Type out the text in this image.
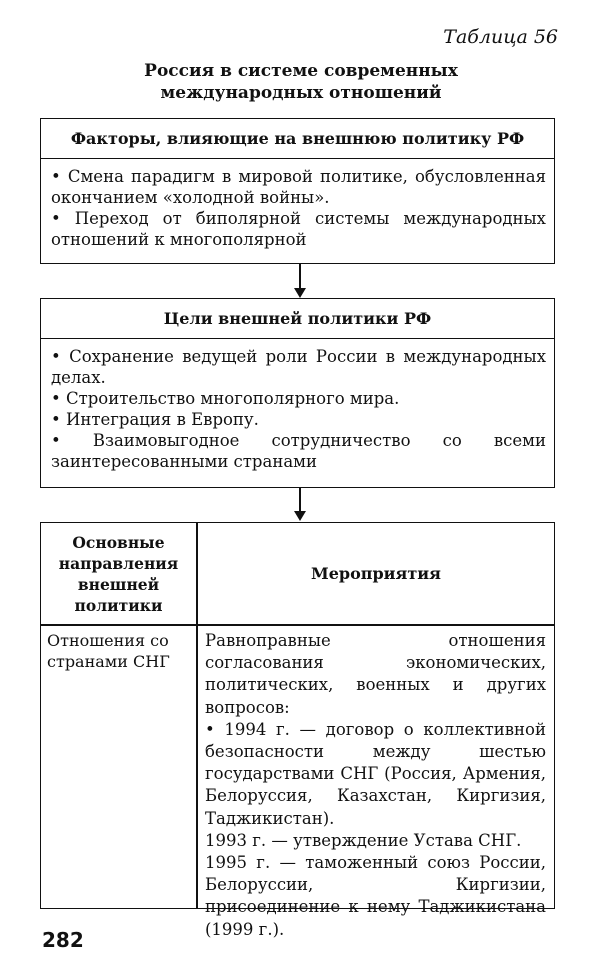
Таблица 56
Россия в системе современных
международных отношений
Факторы, влияющие на внешнюю политику РФ
• Смена парадигм в мировой политике, обусловленная окончанием «холодной войны».
• Переход от биполярной системы международных отношений к многополярной
Цели внешней политики РФ
• Сохранение ведущей роли России в международных делах.
• Строительство многополярного мира.
• Интеграция в Европу.
• Взаимовыгодное сотрудничество со всеми заинтересованными странами
Основные направления внешней политики
Мероприятия
Отношения со странами СНГ

Равноправные отношения согласования экономических, политических, военных и других вопросов:

• 1994 г. — договор о коллективной безопасности между шестью государствами СНГ (Россия, Армения, Белоруссия, Казахстан, Киргизия, Таджикистан).

1993 г. — утверждение Устава СНГ.

1995 г. — таможенный союз России, Белоруссии, Киргизии, присоединение к нему Таджикистана (1999 г.).

282
